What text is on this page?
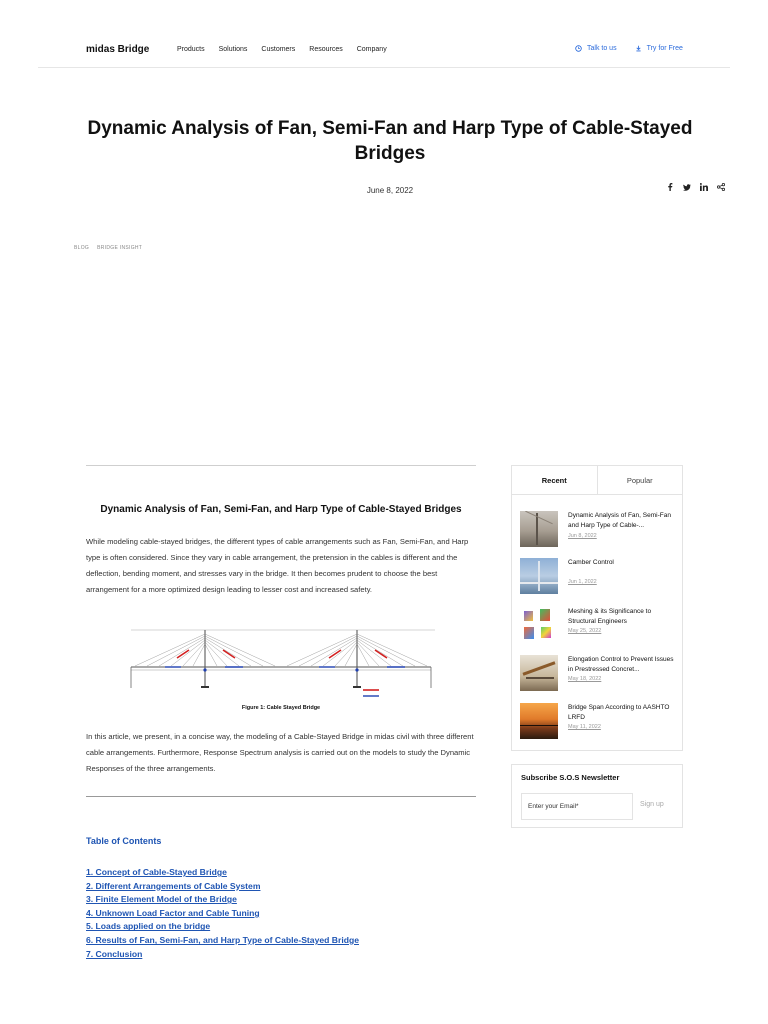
midas Bridge	Products Solutions Customers Resources Company	Talk to us	Try for Free
Dynamic Analysis of Fan, Semi-Fan and Harp Type of Cable-Stayed Bridges
June 8, 2022
BLOG BRIDGE INSIGHT
Dynamic Analysis of Fan, Semi-Fan, and Harp Type of Cable-Stayed Bridges

While modeling cable-stayed bridges, the different types of cable arrangements such as Fan, Semi-Fan, and Harp type is often considered. Since they vary in cable arrangement, the pretension in the cables is different and the deflection, bending moment, and stresses vary in the bridge. It then becomes prudent to choose the best arrangement for a more optimized design leading to lesser cost and increased safety.

Figure 1: Cable Stayed Bridge

In this article, we present, in a concise way, the modeling of a Cable-Stayed Bridge in midas civil with three different cable arrangements. Furthermore, Response Spectrum analysis is carried out on the models to study the Dynamic Responses of the three arrangements.

Table of Contents
1. Concept of Cable-Stayed Bridge
2. Different Arrangements of Cable System
3. Finite Element Model of the Bridge
4. Unknown Load Factor and Cable Tuning
5. Loads applied on the bridge
6. Results of Fan, Semi-Fan, and Harp Type of Cable-Stayed Bridge
7. Conclusion
Recent	Popular
Dynamic Analysis of Fan, Semi-Fan and Harp Type of Cable-...
Jun 8, 2022
Camber Control
Jun 1, 2022
Meshing & its Significance to Structural Engineers
May 25, 2022
Elongation Control to Prevent Issues in Prestressed Concret...
May 18, 2022
Bridge Span According to AASHTO LRFD
May 11, 2022
Subscribe S.O.S Newsletter
Enter your Email*
Sign up
